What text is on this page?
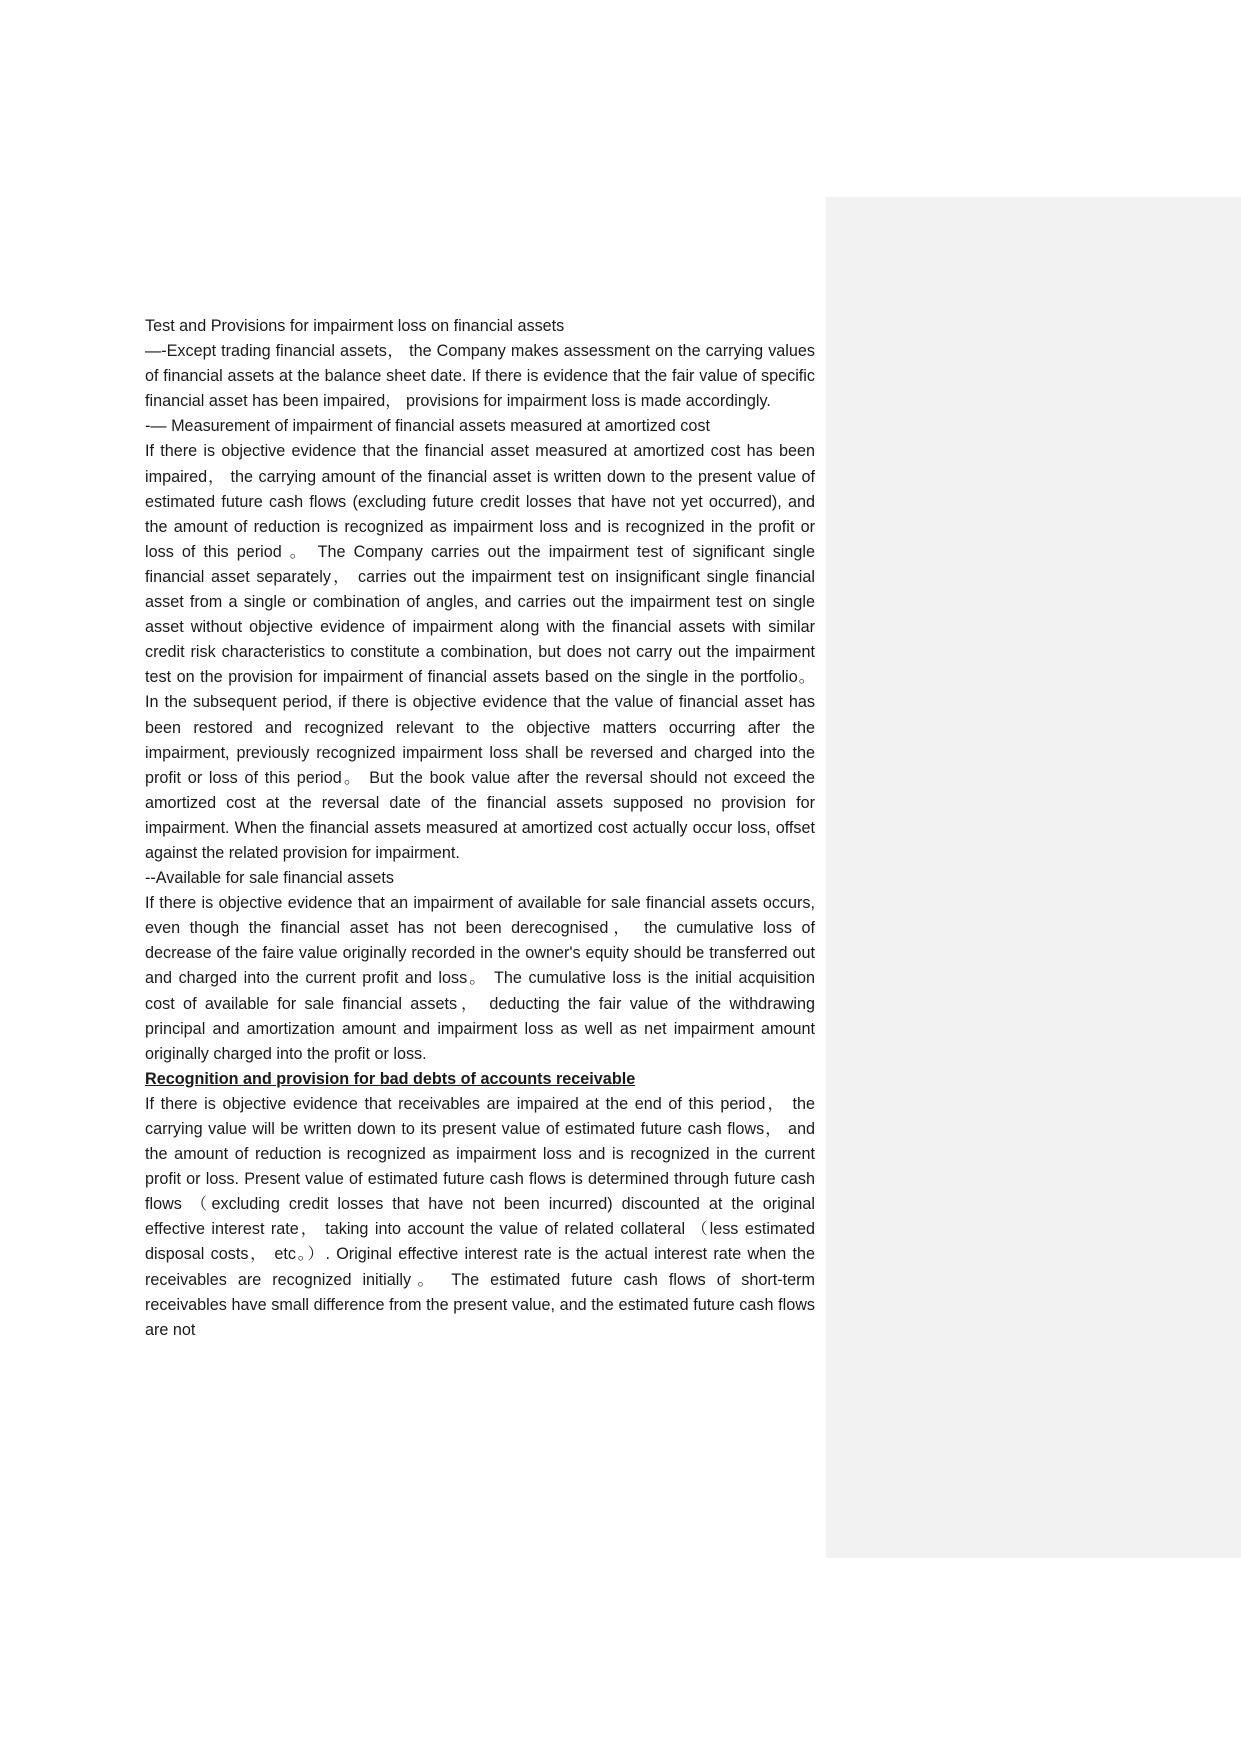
Test and Provisions for impairment loss on financial assets

—-Except trading financial assets， the Company makes assessment on the carrying values of financial assets at the balance sheet date. If there is evidence that the fair value of specific financial asset has been impaired， provisions for impairment loss is made accordingly.

-— Measurement of impairment of financial assets measured at amortized cost

If there is objective evidence that the financial asset measured at amortized cost has been impaired， the carrying amount of the financial asset is written down to the present value of estimated future cash flows (excluding future credit losses that have not yet occurred), and the amount of reduction is recognized as impairment loss and is recognized in the profit or loss of this period 。 The Company carries out the impairment test of significant single financial asset separately， carries out the impairment test on insignificant single financial asset from a single or combination of angles, and carries out the impairment test on single asset without objective evidence of impairment along with the financial assets with similar credit risk characteristics to constitute a combination, but does not carry out the impairment test on the provision for impairment of financial assets based on the single in the portfolio。 In the subsequent period, if there is objective evidence that the value of financial asset has been restored and recognized relevant to the objective matters occurring after the impairment, previously recognized impairment loss shall be reversed and charged into the profit or loss of this period。 But the book value after the reversal should not exceed the amortized cost at the reversal date of the financial assets supposed no provision for impairment. When the financial assets measured at amortized cost actually occur loss, offset against the related provision for impairment.

--Available for sale financial assets

If there is objective evidence that an impairment of available for sale financial assets occurs, even though the financial asset has not been derecognised， the cumulative loss of decrease of the faire value originally recorded in the owner's equity should be transferred out and charged into the current profit and loss。 The cumulative loss is the initial acquisition cost of available for sale financial assets， deducting the fair value of the withdrawing principal and amortization amount and impairment loss as well as net impairment amount originally charged into the profit or loss.

Recognition and provision for bad debts of accounts receivable

If there is objective evidence that receivables are impaired at the end of this period， the carrying value will be written down to its present value of estimated future cash flows， and the amount of reduction is recognized as impairment loss and is recognized in the current profit or loss. Present value of estimated future cash flows is determined through future cash flows （excluding credit losses that have not been incurred) discounted at the original effective interest rate， taking into account the value of related collateral （less estimated disposal costs， etc。）. Original effective interest rate is the actual interest rate when the receivables are recognized initially。 The estimated future cash flows of short-term receivables have small difference from the present value, and the estimated future cash flows are not
